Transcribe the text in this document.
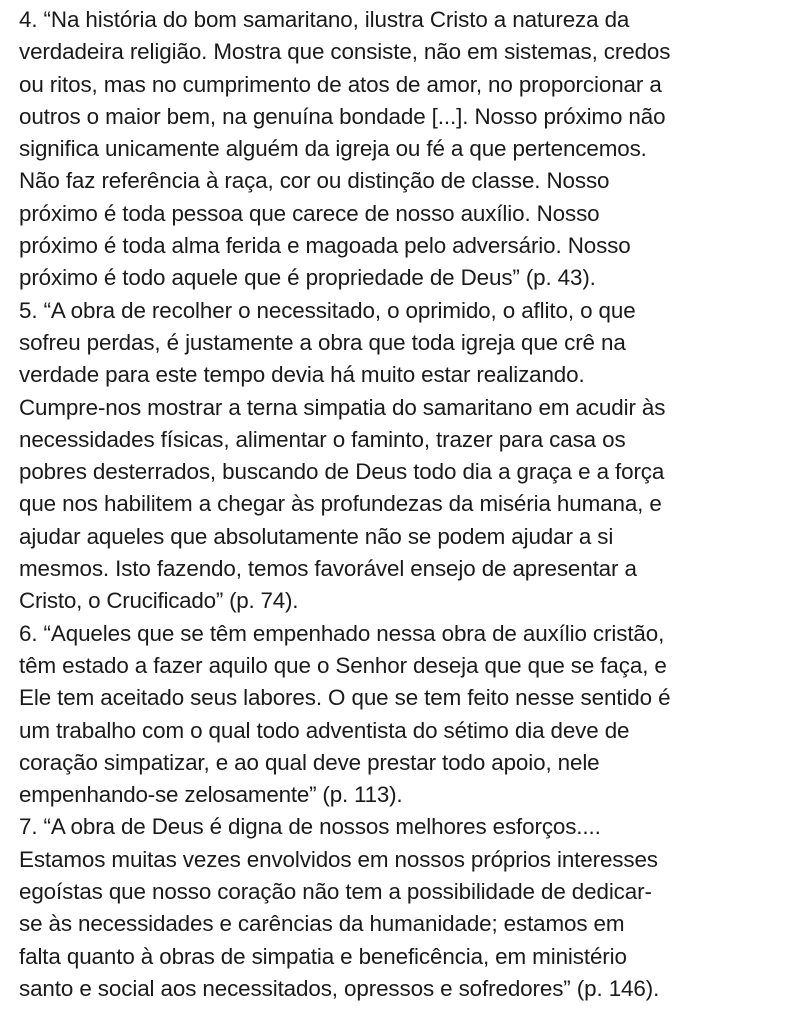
4. “Na história do bom samaritano, ilustra Cristo a natureza da
verdadeira religião. Mostra que consiste, não em sistemas, credos
ou ritos, mas no cumprimento de atos de amor, no proporcionar a
outros o maior bem, na genuína bondade [...]. Nosso próximo não
significa unicamente alguém da igreja ou fé a que pertencemos.
Não faz referência à raça, cor ou distinção de classe. Nosso
próximo é toda pessoa que carece de nosso auxílio. Nosso
próximo é toda alma ferida e magoada pelo adversário. Nosso
próximo é todo aquele que é propriedade de Deus” (p. 43).
5. “A obra de recolher o necessitado, o oprimido, o aflito, o que
sofreu perdas, é justamente a obra que toda igreja que crê na
verdade para este tempo devia há muito estar realizando.
Cumpre-nos mostrar a terna simpatia do samaritano em acudir às
necessidades físicas, alimentar o faminto, trazer para casa os
pobres desterrados, buscando de Deus todo dia a graça e a força
que nos habilitem a chegar às profundezas da miséria humana, e
ajudar aqueles que absolutamente não se podem ajudar a si
mesmos. Isto fazendo, temos favorável ensejo de apresentar a
Cristo, o Crucificado” (p. 74).
6. “Aqueles que se têm empenhado nessa obra de auxílio cristão,
têm estado a fazer aquilo que o Senhor deseja que que se faça, e
Ele tem aceitado seus labores. O que se tem feito nesse sentido é
um trabalho com o qual todo adventista do sétimo dia deve de
coração simpatizar, e ao qual deve prestar todo apoio, nele
empenhando-se zelosamente” (p. 113).
7. “A obra de Deus é digna de nossos melhores esforços....
Estamos muitas vezes envolvidos em nossos próprios interesses
egoístas que nosso coração não tem a possibilidade de dedicar-
se às necessidades e carências da humanidade; estamos em
falta quanto à obras de simpatia e beneficência, em ministério
santo e social aos necessitados, opressos e sofredores” (p. 146).
